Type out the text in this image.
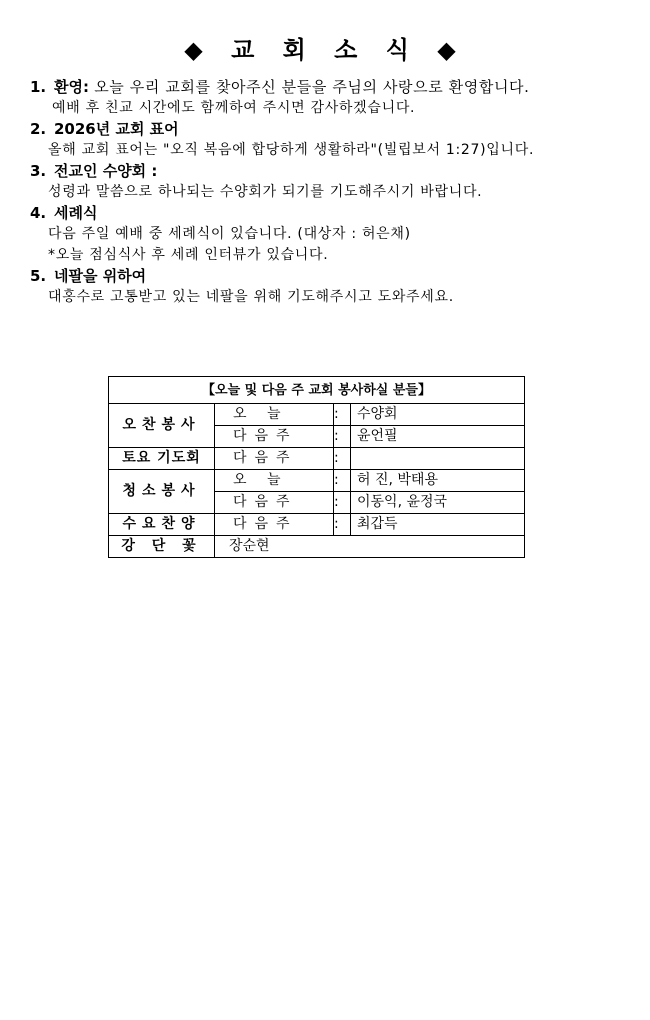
◆ 교 회 소 식 ◆
1. 환영: 오늘 우리 교회를 찾아주신 분들을 주님의 사랑으로 환영합니다.
예배 후 친교 시간에도 함께하여 주시면 감사하겠습니다.
2. 2026년 교회 표어
올해 교회 표어는 "오직 복음에 합당하게 생활하라"(빌립보서 1:27)입니다.
3. 전교인 수양회 :
성령과 말씀으로 하나되는 수양회가 되기를 기도해주시기 바랍니다.
4. 세례식
다음 주일 예배 중 세례식이 있습니다. (대상자 : 허은채)
*오늘 점심식사 후 세례 인터뷰가 있습니다.
5. 네팔을 위하여
대홍수로 고통받고 있는 네팔을 위해 기도해주시고 도와주세요.
【오늘 및 다음 주 교회 봉사하실 분들】			
오찬봉사	오 늘	:	수양회
	다음주	:	윤언필
토요 기도회	다음주	:	
청소봉사	오 늘	:	허 진, 박태용
	다음주	:	이동익, 윤정국
수요찬양	다음주	:	최갑득
강 단 꽃	장순현		
